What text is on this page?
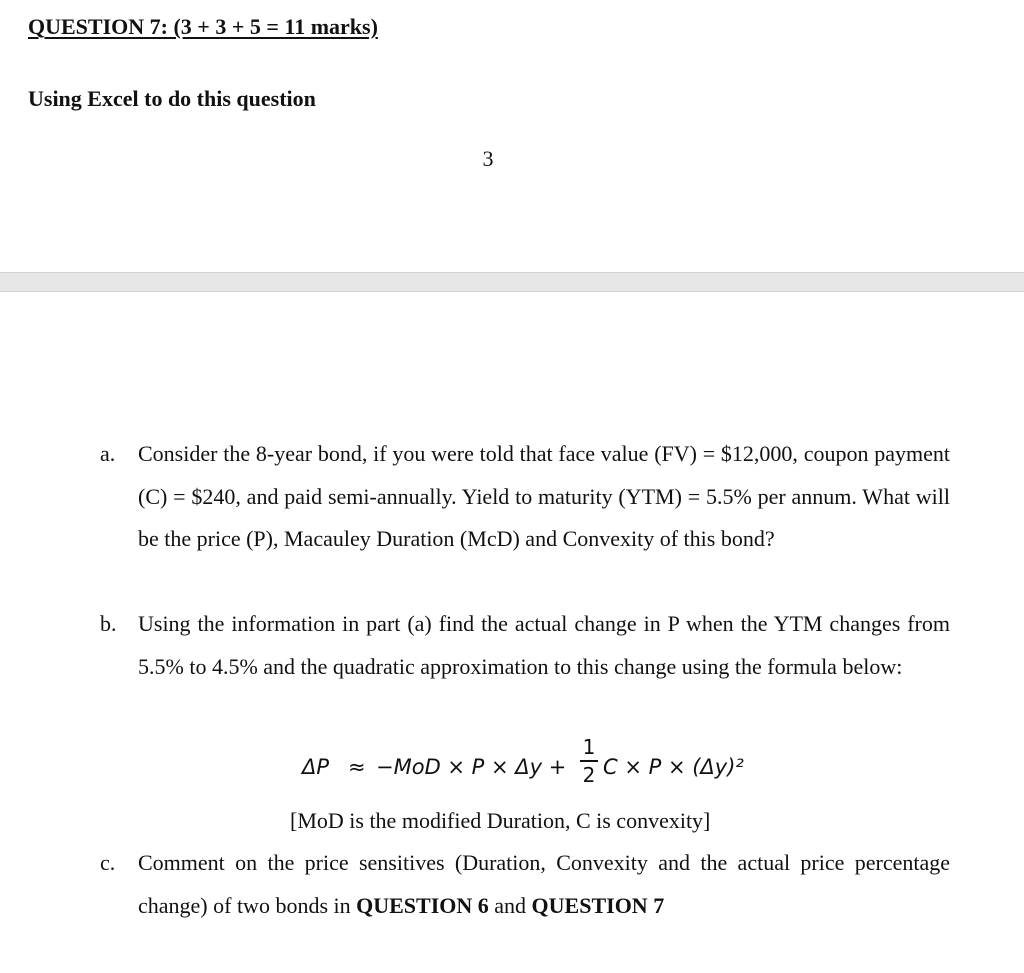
QUESTION 7: (3 + 3 + 5 = 11 marks)
Using Excel to do this question
3
a.	Consider the 8-year bond, if you were told that face value (FV) = $12,000, coupon payment (C) = $240, and paid semi-annually. Yield to maturity (YTM) = 5.5% per annum. What will be the price (P), Macauley Duration (McD) and Convexity of this bond?
b. Using the information in part (a) find the actual change in P when the YTM changes from 5.5% to 4.5% and the quadratic approximation to this change using the formula below:
ΔP ≈ −MoD × P × Δy +
1
2 C × P × (Δy)²
[MoD is the modified Duration, C is convexity]
c.	Comment on the price sensitives (Duration, Convexity and the actual price percentage change) of two bonds in QUESTION 6 and QUESTION 7
